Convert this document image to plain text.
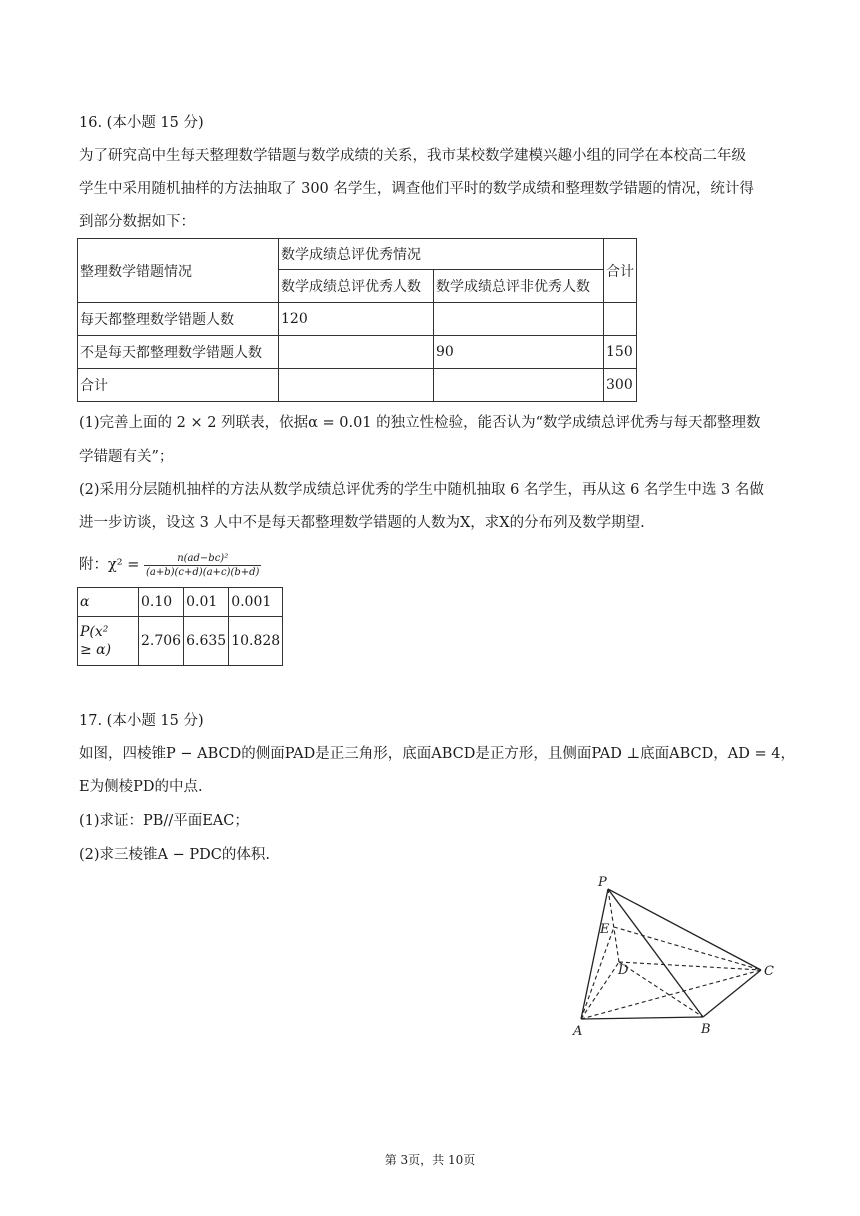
16. (本小题 15 分)
为了研究高中生每天整理数学错题与数学成绩的关系，我市某校数学建模兴趣小组的同学在本校高二年级
学生中采用随机抽样的方法抽取了 300 名学生，调查他们平时的数学成绩和整理数学错题的情况，统计得
到部分数据如下：
整理数学错题情况	数学成绩总评优秀情况		合计
	数学成绩总评优秀人数	数学成绩总评非优秀人数	
每天都整理数学错题人数	120		
不是每天都整理数学错题人数		90	150
合计			300
(1)完善上面的 2 × 2 列联表，依据α = 0.01 的独立性检验，能否认为“数学成绩总评优秀与每天都整理数
学错题有关”；
(2)采用分层随机抽样的方法从数学成绩总评优秀的学生中随机抽取 6 名学生，再从这 6 名学生中选 3 名做
进一步访谈，设这 3 人中不是每天都整理数学错题的人数为X，求X的分布列及数学期望.
附：$\chi^2 = \frac{\text{n(ad−bc)²}}{(a+b)(c+d)(a+c)(b+d)}$
α	0.10	0.01	0.001

P(x²
≥ α)	2.706	6.635	10.828
17. (本小题 15 分)
如图，四棱锥P − ABCD的侧面PAD是正三角形，底面ABCD是正方形，且侧面PAD ⊥底面ABCD，AD = 4，
E为侧棱PD的中点.
(1)求证：PB//平面EAC；
(2)求三棱锥A − PDC的体积.
P
E
D	C
A	B
第 3页，共 10页
